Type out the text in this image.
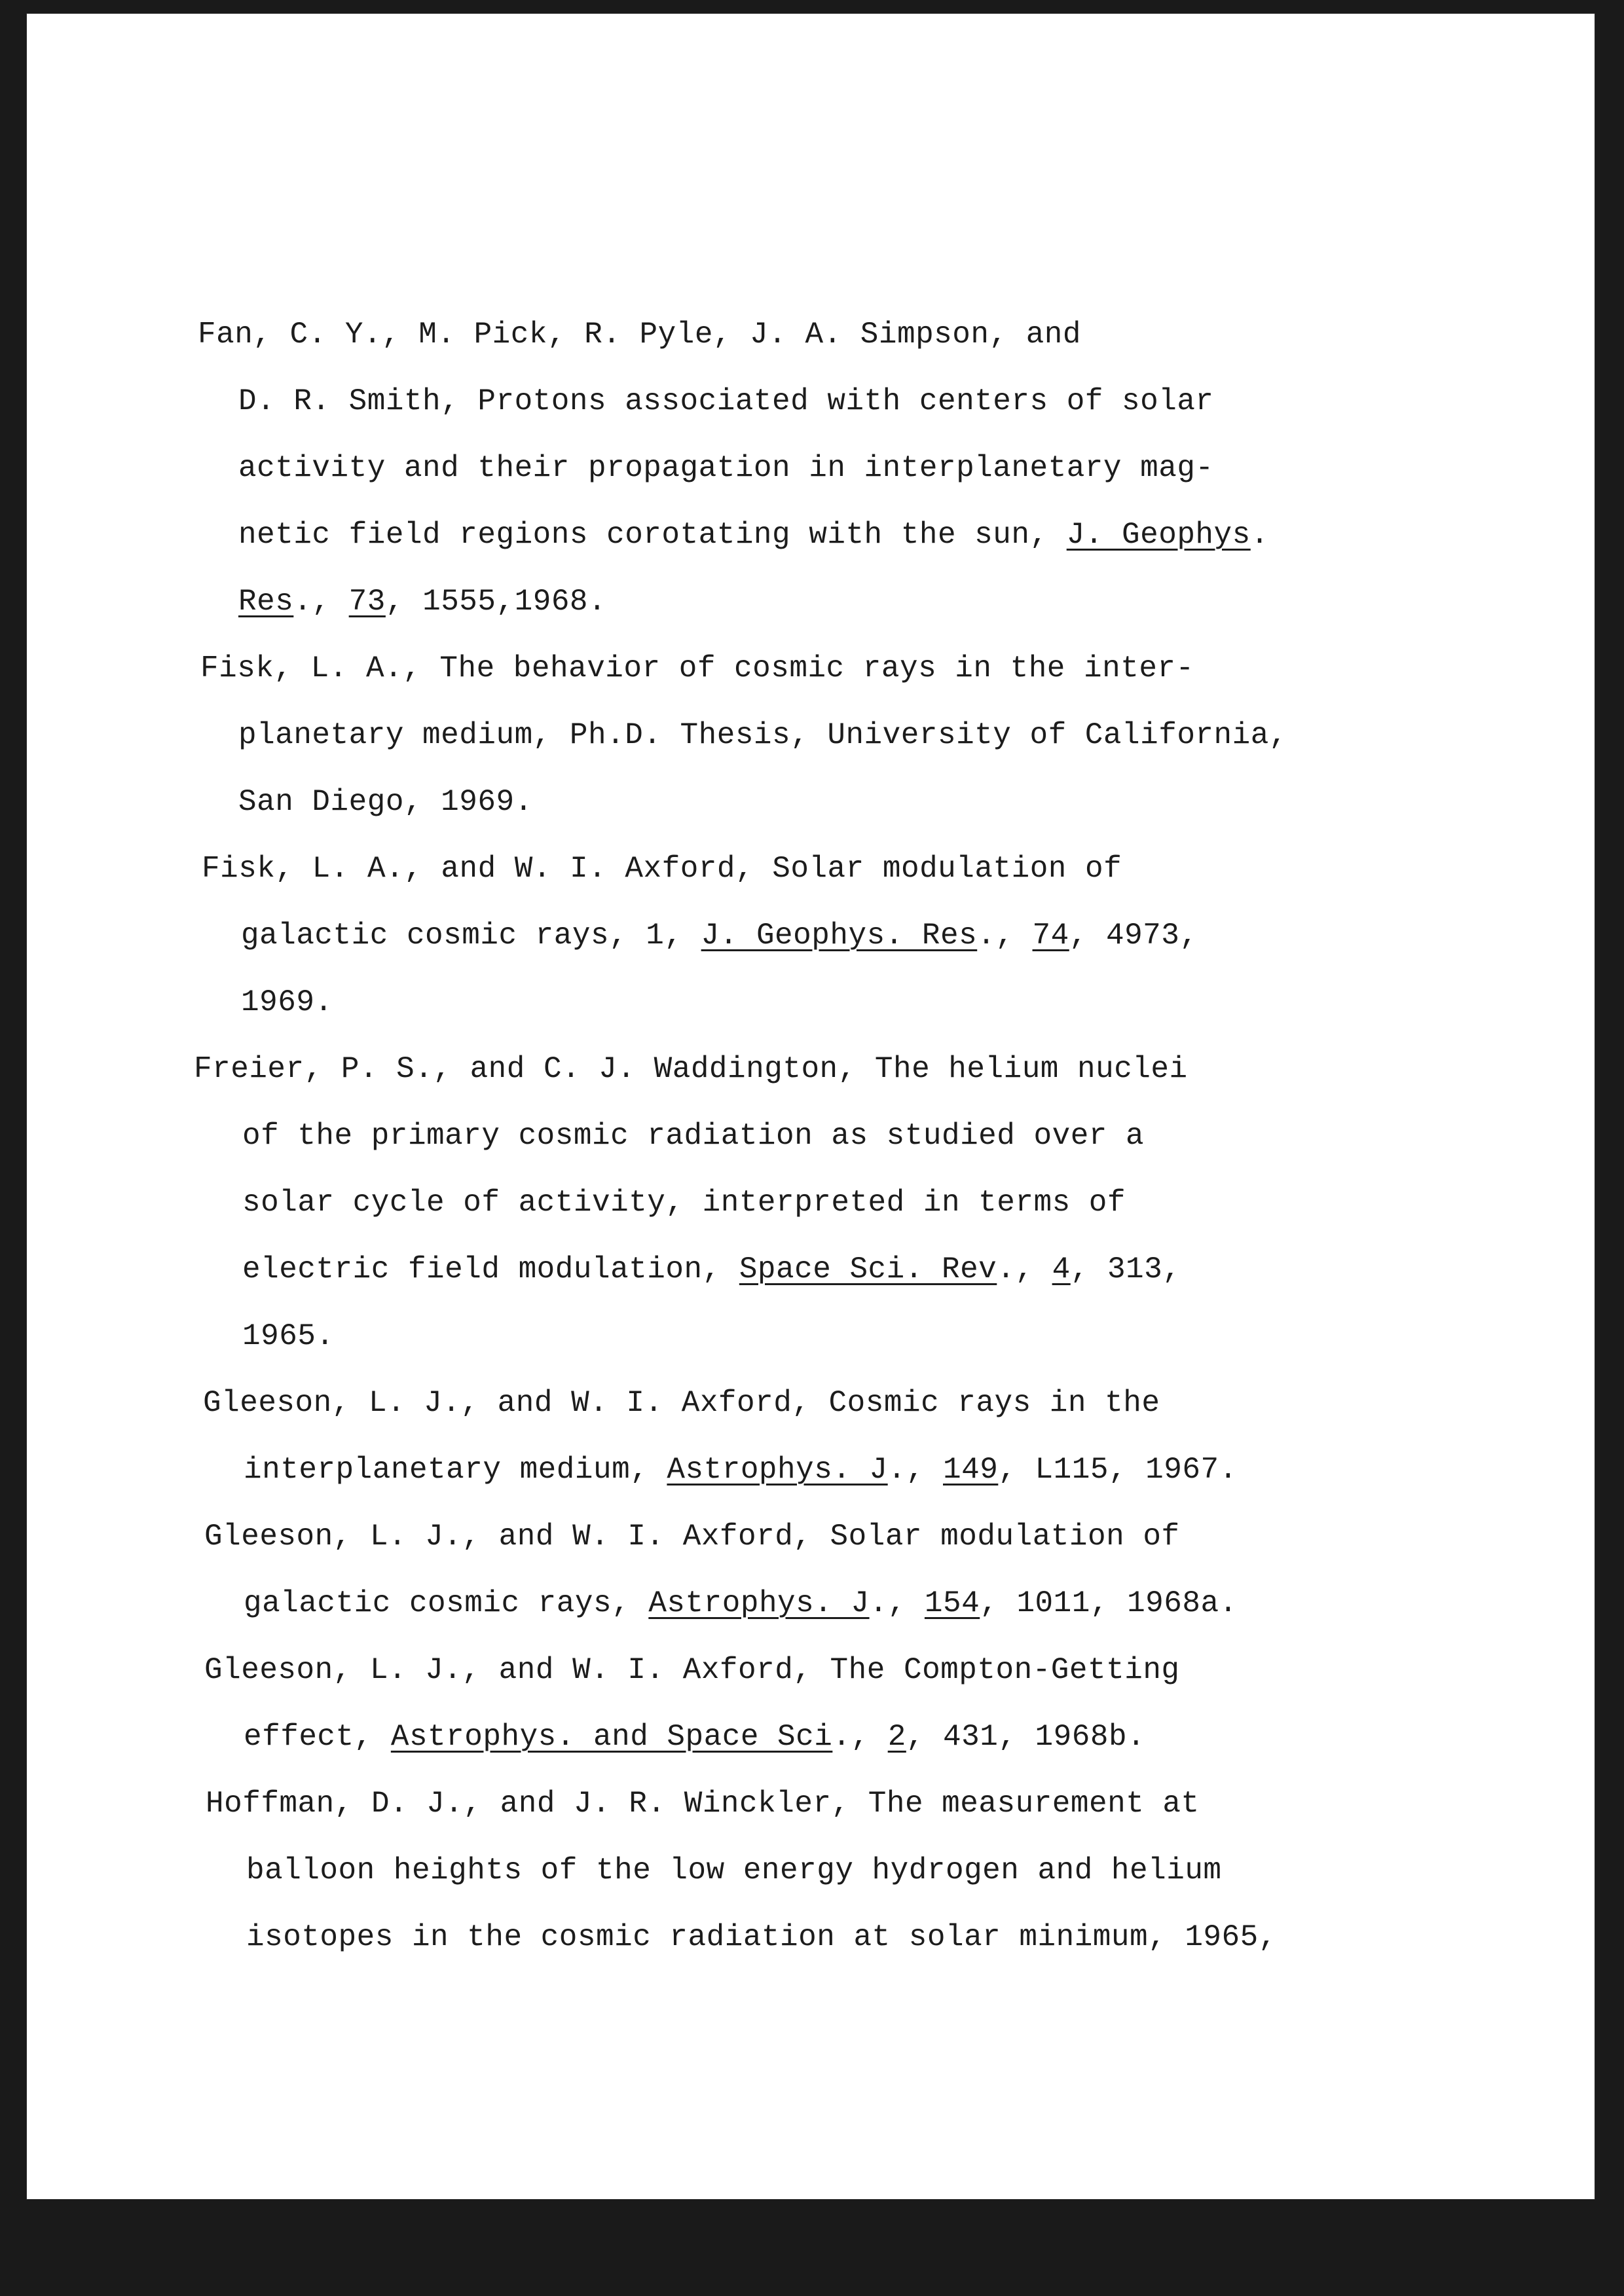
Fan, C. Y., M. Pick, R. Pyle, J. A. Simpson, and
D. R. Smith, Protons associated with centers of solar
activity and their propagation in interplanetary mag-
netic field regions corotating with the sun, J. Geophys.
Res., 73, 1555,1968.
Fisk, L. A., The behavior of cosmic rays in the inter-
planetary medium, Ph.D. Thesis, University of California,
San Diego, 1969.
Fisk, L. A., and W. I. Axford, Solar modulation of
galactic cosmic rays, 1, J. Geophys. Res., 74, 4973,
1969.
Freier, P. S., and C. J. Waddington, The helium nuclei
of the primary cosmic radiation as studied over a
solar cycle of activity, interpreted in terms of
electric field modulation, Space Sci. Rev., 4, 313,
1965.
Gleeson, L. J., and W. I. Axford, Cosmic rays in the
interplanetary medium, Astrophys. J., 149, L115, 1967.
Gleeson, L. J., and W. I. Axford, Solar modulation of
galactic cosmic rays, Astrophys. J., 154, 1011, 1968a.
Gleeson, L. J., and W. I. Axford, The Compton-Getting
effect, Astrophys. and Space Sci., 2, 431, 1968b.
Hoffman, D. J., and J. R. Winckler, The measurement at
balloon heights of the low energy hydrogen and helium
isotopes in the cosmic radiation at solar minimum, 1965,
